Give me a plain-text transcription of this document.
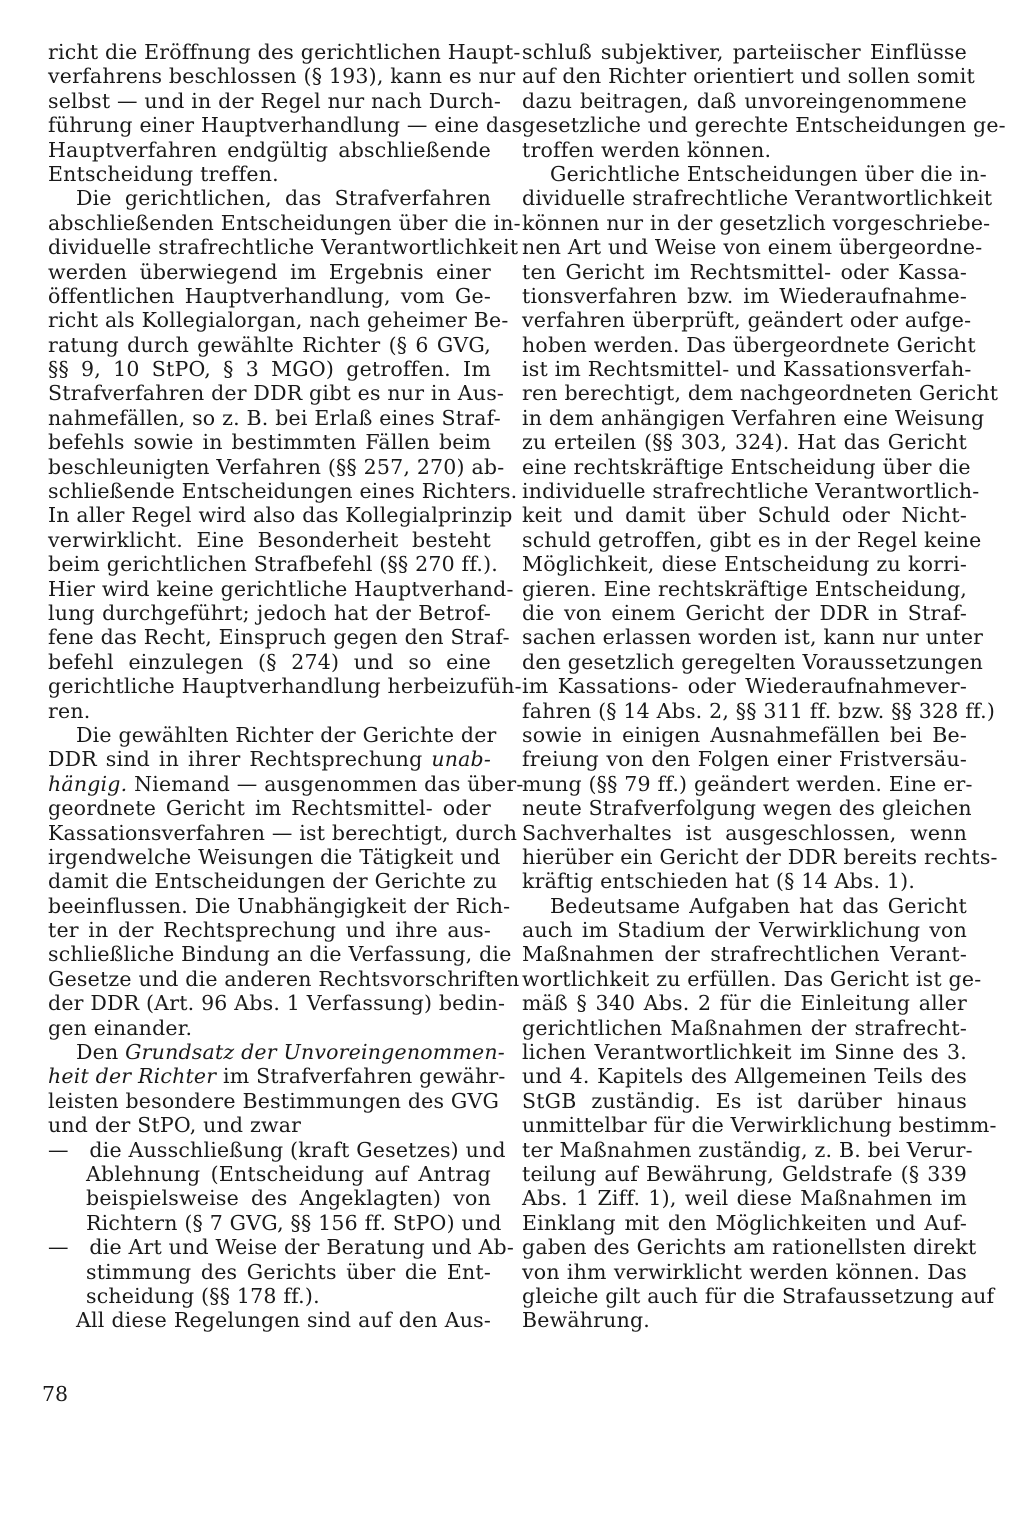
richt die Eröffnung des gerichtlichen Haupt-
verfahrens beschlossen (§ 193), kann es nur
selbst — und in der Regel nur nach Durch-
führung einer Hauptverhandlung — eine das
Hauptverfahren endgültig abschließende
Entscheidung treffen.
Die gerichtlichen, das Strafverfahren
abschließenden Entscheidungen über die in-
dividuelle strafrechtliche Verantwortlichkeit
werden überwiegend im Ergebnis einer
öffentlichen Hauptverhandlung, vom Ge-
richt als Kollegialorgan, nach geheimer Be-
ratung durch gewählte Richter (§ 6 GVG,
§§ 9, 10 StPO, § 3 MGO) getroffen. Im
Strafverfahren der DDR gibt es nur in Aus-
nahmefällen, so z. B. bei Erlaß eines Straf-
befehls sowie in bestimmten Fällen beim
beschleunigten Verfahren (§§ 257, 270) ab-
schließende Entscheidungen eines Richters.
In aller Regel wird also das Kollegialprinzip
verwirklicht. Eine Besonderheit besteht
beim gerichtlichen Strafbefehl (§§ 270 ff.).
Hier wird keine gerichtliche Hauptverhand-
lung durchgeführt; jedoch hat der Betrof-
fene das Recht, Einspruch gegen den Straf-
befehl einzulegen (§ 274) und so eine
gerichtliche Hauptverhandlung herbeizufüh-
ren.
Die gewählten Richter der Gerichte der
DDR sind in ihrer Rechtsprechung unab-
hängig. Niemand — ausgenommen das über-
geordnete Gericht im Rechtsmittel- oder
Kassationsverfahren — ist berechtigt, durch
irgendwelche Weisungen die Tätigkeit und
damit die Entscheidungen der Gerichte zu
beeinflussen. Die Unabhängigkeit der Rich-
ter in der Rechtsprechung und ihre aus-
schließliche Bindung an die Verfassung, die
Gesetze und die anderen Rechtsvorschriften
der DDR (Art. 96 Abs. 1 Verfassung) bedin-
gen einander.
Den Grundsatz der Unvoreingenommen-
heit der Richter im Strafverfahren gewähr-
leisten besondere Bestimmungen des GVG
und der StPO, und zwar
— die Ausschließung (kraft Gesetzes) und
Ablehnung (Entscheidung auf Antrag
beispielsweise des Angeklagten) von
Richtern (§ 7 GVG, §§ 156 ff. StPO) und
— die Art und Weise der Beratung und Ab-
stimmung des Gerichts über die Ent-
scheidung (§§ 178 ff.).
All diese Regelungen sind auf den Aus-
schluß subjektiver, parteiischer Einflüsse
auf den Richter orientiert und sollen somit
dazu beitragen, daß unvoreingenommene
gesetzliche und gerechte Entscheidungen ge-
troffen werden können.
Gerichtliche Entscheidungen über die in-
dividuelle strafrechtliche Verantwortlichkeit
können nur in der gesetzlich vorgeschriebe-
nen Art und Weise von einem übergeordne-
ten Gericht im Rechtsmittel- oder Kassa-
tionsverfahren bzw. im Wiederaufnahme-
verfahren überprüft, geändert oder aufge-
hoben werden. Das übergeordnete Gericht
ist im Rechtsmittel- und Kassationsverfah-
ren berechtigt, dem nachgeordneten Gericht
in dem anhängigen Verfahren eine Weisung
zu erteilen (§§ 303, 324). Hat das Gericht
eine rechtskräftige Entscheidung über die
individuelle strafrechtliche Verantwortlich-
keit und damit über Schuld oder Nicht-
schuld getroffen, gibt es in der Regel keine
Möglichkeit, diese Entscheidung zu korri-
gieren. Eine rechtskräftige Entscheidung,
die von einem Gericht der DDR in Straf-
sachen erlassen worden ist, kann nur unter
den gesetzlich geregelten Voraussetzungen
im Kassations- oder Wiederaufnahmever-
fahren (§ 14 Abs. 2, §§ 311 ff. bzw. §§ 328 ff.)
sowie in einigen Ausnahmefällen bei Be-
freiung von den Folgen einer Fristversäu-
mung (§§ 79 ff.) geändert werden. Eine er-
neute Strafverfolgung wegen des gleichen
Sachverhaltes ist ausgeschlossen, wenn
hierüber ein Gericht der DDR bereits rechts-
kräftig entschieden hat (§ 14 Abs. 1).
Bedeutsame Aufgaben hat das Gericht
auch im Stadium der Verwirklichung von
Maßnahmen der strafrechtlichen Verant-
wortlichkeit zu erfüllen. Das Gericht ist ge-
mäß § 340 Abs. 2 für die Einleitung aller
gerichtlichen Maßnahmen der strafrecht-
lichen Verantwortlichkeit im Sinne des 3.
und 4. Kapitels des Allgemeinen Teils des
StGB zuständig. Es ist darüber hinaus
unmittelbar für die Verwirklichung bestimm-
ter Maßnahmen zuständig, z. B. bei Verur-
teilung auf Bewährung, Geldstrafe (§ 339
Abs. 1 Ziff. 1), weil diese Maßnahmen im
Einklang mit den Möglichkeiten und Auf-
gaben des Gerichts am rationellsten direkt
von ihm verwirklicht werden können. Das
gleiche gilt auch für die Strafaussetzung auf
Bewährung.
78
